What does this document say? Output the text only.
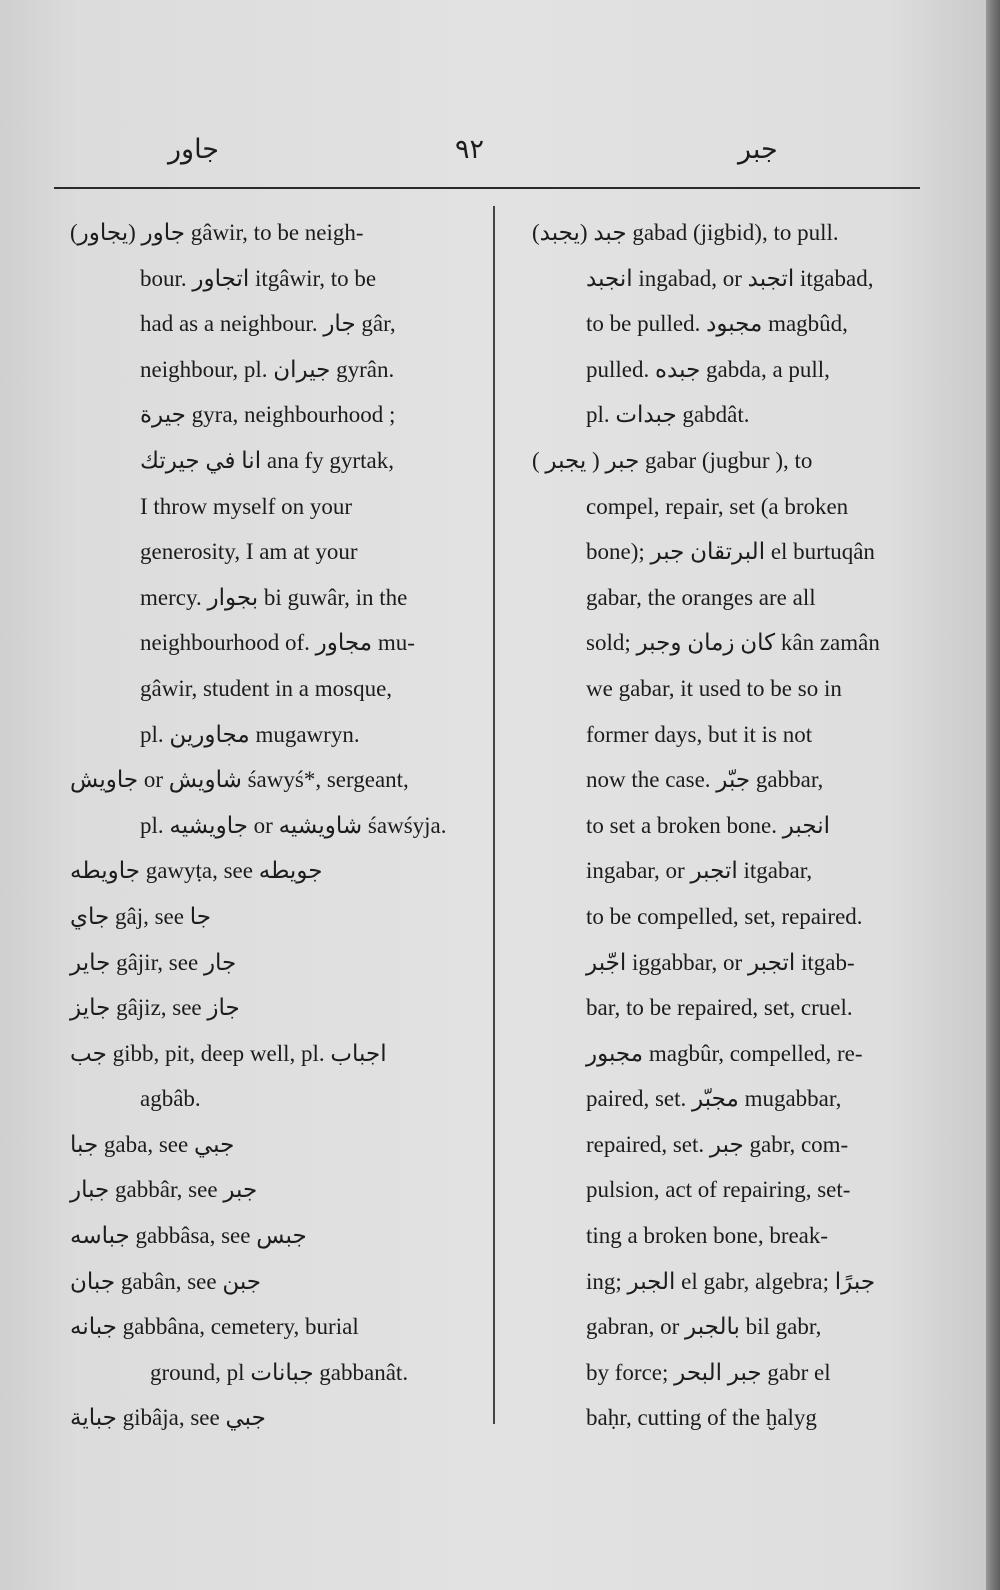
جاور	٩٢	جبر
جاور (يجاور) gâwir, to be neigh-
bour. اتجاور itgâwir, to be
had as a neighbour. جار gâr,
neighbour, pl. جيران gyrân.
جيرة gyra, neighbourhood ;
انا في جيرتك ana fy gyrtak,
I throw myself on your
generosity, I am at your
mercy. بجوار bi guwâr, in the
neighbourhood of. مجاور mu-
gâwir, student in a mosque,
pl. مجاورين mugawryn.
جاويش or شاويش śawyś*, sergeant,
pl. جاويشيه or شاويشيه śawśyja.
جاويطه gawyṭa, see جويطه
جاي gâj, see جا
جاير gâjir, see جار
جايز gâjiz, see جاز
جب gibb, pit, deep well, pl. اجباب
agbâb.
جبا gaba, see جبي
جبار gabbâr, see جبر
جباسه gabbâsa, see جبس
جبان gabân, see جبن
جبانه gabbâna, cemetery, burial
ground, pl جبانات gabbanât.
جباية gibâja, see جبي
جبد (يجبد) gabad (jigbid), to pull.
انجبد ingabad, or اتجبد itgabad,
to be pulled. مجبود magbûd,
pulled. جبده gabda, a pull,
pl. جبدات gabdât.
جبر ( يجبر ) gabar (jugbur ), to
compel, repair, set (a broken
bone); البرتقان جبر el burtuqân
gabar, the oranges are all
sold; كان زمان وجبر kân zamân
we gabar, it used to be so in
former days, but it is not
now the case. جبّر gabbar,
to set a broken bone. انجبر
ingabar, or اتجبر itgabar,
to be compelled, set, repaired.
اجّبر iggabbar, or اتجبر itgab-
bar, to be repaired, set, cruel.
مجبور magbûr, compelled, re-
paired, set. مجبّر mugabbar,
repaired, set. جبر gabr, com-
pulsion, act of repairing, set-
ting a broken bone, break-
ing; الجبر el gabr, algebra; جبرًا
gabran, or بالجبر bil gabr,
by force; جبر البحر gabr el
baḥr, cutting of the ḫalyg
